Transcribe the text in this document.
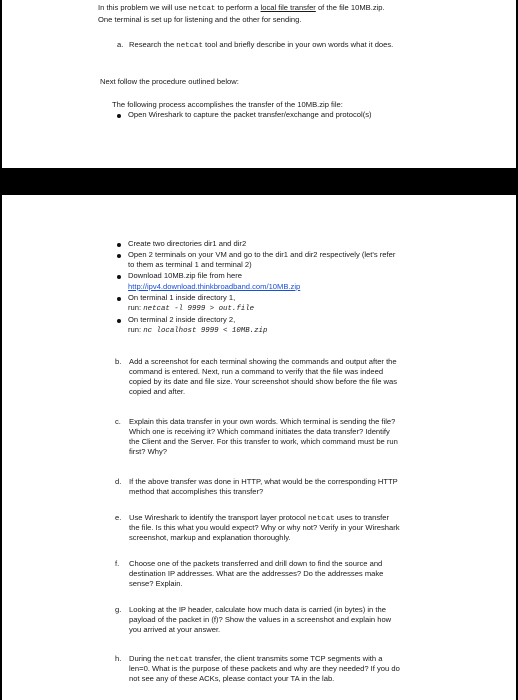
In this problem we will use netcat to perform a local file transfer of the file 10MB.zip.
One terminal is set up for listening and the other for sending.
a. Research the netcat tool and briefly describe in your own words what it does.
Next follow the procedure outlined below:
The following process accomplishes the transfer of the 10MB.zip file:
Open Wireshark to capture the packet transfer/exchange and protocol(s)
Create two directories dir1 and dir2
Open 2 terminals on your VM and go to the dir1 and dir2 respectively (let's refer
to them as terminal 1 and terminal 2)
Download 10MB.zip file from here
http://ipv4.download.thinkbroadband.com/10MB.zip
On terminal 1 inside directory 1,
run: netcat -l 9999 > out.file
On terminal 2 inside directory 2,
run: nc localhost 9999 < 10MB.zip
b. Add a screenshot for each terminal showing the commands and output after the
command is entered. Next, run a command to verify that the file was indeed
copied by its date and file size. Your screenshot should show before the file was
copied and after.
c. Explain this data transfer in your own words. Which terminal is sending the file?
Which one is receiving it? Which command initiates the data transfer? Identify
the Client and the Server. For this transfer to work, which command must be run
first? Why?
d. If the above transfer was done in HTTP, what would be the corresponding HTTP
method that accomplishes this transfer?
e. Use Wireshark to identify the transport layer protocol netcat uses to transfer
the file. Is this what you would expect? Why or why not? Verify in your Wireshark
screenshot, markup and explanation thoroughly.
f. Choose one of the packets transferred and drill down to find the source and
destination IP addresses. What are the addresses? Do the addresses make
sense? Explain.
g. Looking at the IP header, calculate how much data is carried (in bytes) in the
payload of the packet in (f)? Show the values in a screenshot and explain how
you arrived at your answer.
h. During the netcat transfer, the client transmits some TCP segments with a
len=0. What is the purpose of these packets and why are they needed? If you do
not see any of these ACKs, please contact your TA in the lab.
